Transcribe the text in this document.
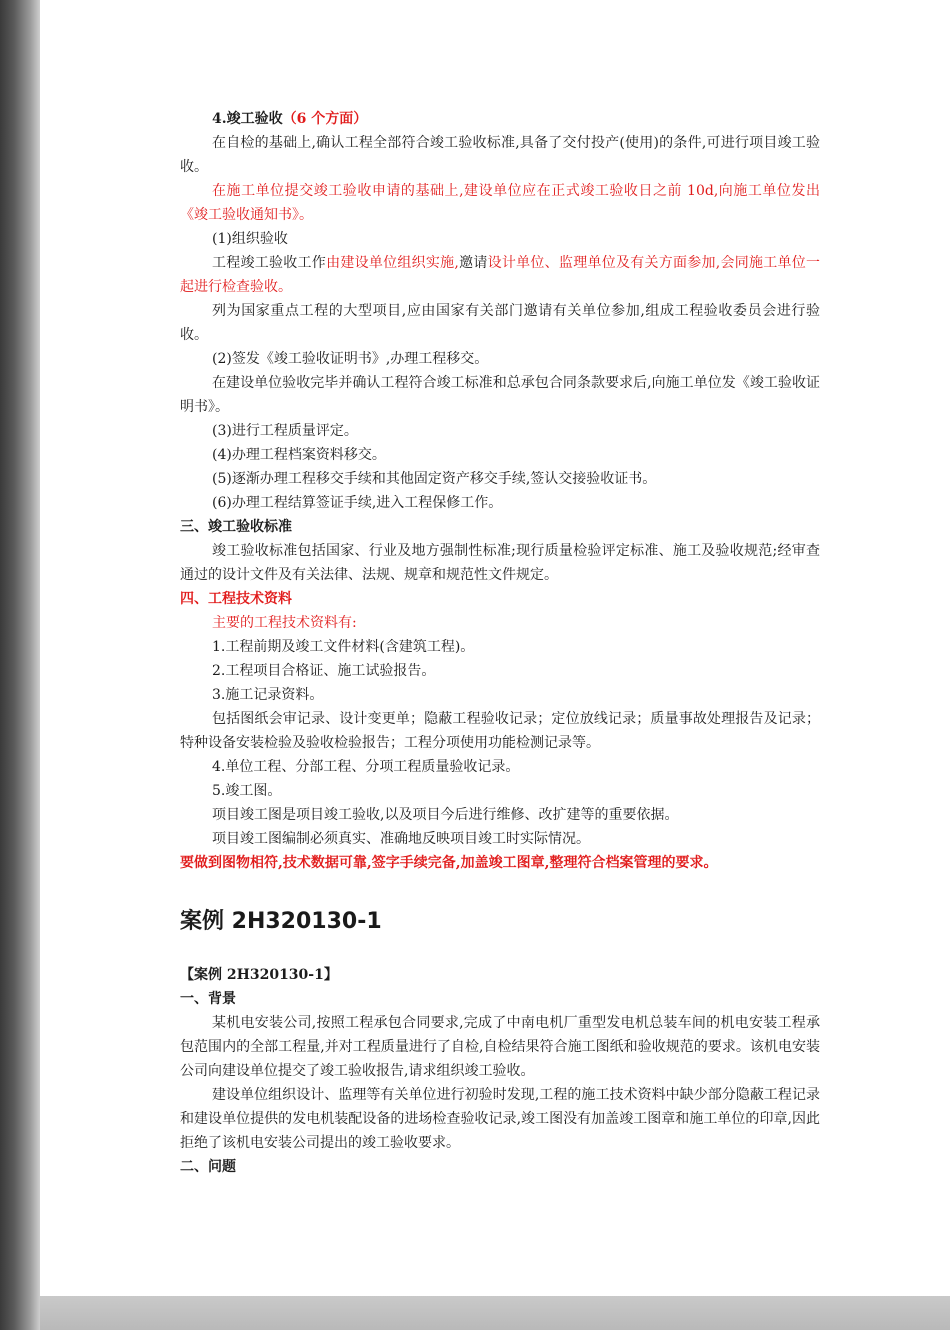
4.竣工验收（6 个方面）

在自检的基础上,确认工程全部符合竣工验收标准,具备了交付投产(使用)的条件,可进行项目竣工验收。

在施工单位提交竣工验收申请的基础上,建设单位应在正式竣工验收日之前 10d,向施工单位发出《竣工验收通知书》。

(1)组织验收

工程竣工验收工作由建设单位组织实施,邀请设计单位、监理单位及有关方面参加,会同施工单位一起进行检查验收。

列为国家重点工程的大型项目,应由国家有关部门邀请有关单位参加,组成工程验收委员会进行验收。

(2)签发《竣工验收证明书》,办理工程移交。

在建设单位验收完毕并确认工程符合竣工标准和总承包合同条款要求后,向施工单位发《竣工验收证明书》。

(3)进行工程质量评定。

(4)办理工程档案资料移交。

(5)逐渐办理工程移交手续和其他固定资产移交手续,签认交接验收证书。

(6)办理工程结算签证手续,进入工程保修工作。

三、竣工验收标准

竣工验收标准包括国家、行业及地方强制性标准;现行质量检验评定标准、施工及验收规范;经审查通过的设计文件及有关法律、法规、规章和规范性文件规定。

四、工程技术资料

主要的工程技术资料有:

1.工程前期及竣工文件材料(含建筑工程)。

2.工程项目合格证、施工试验报告。

3.施工记录资料。

包括图纸会审记录、设计变更单；隐蔽工程验收记录；定位放线记录；质量事故处理报告及记录；特种设备安装检验及验收检验报告；工程分项使用功能检测记录等。

4.单位工程、分部工程、分项工程质量验收记录。

5.竣工图。

项目竣工图是项目竣工验收,以及项目今后进行维修、改扩建等的重要依据。

项目竣工图编制必须真实、准确地反映项目竣工时实际情况。

要做到图物相符,技术数据可靠,签字手续完备,加盖竣工图章,整理符合档案管理的要求。

案例 2H320130-1

【案例 2H320130-1】

一、背景

某机电安装公司,按照工程承包合同要求,完成了中南电机厂重型发电机总装车间的机电安装工程承包范围内的全部工程量,并对工程质量进行了自检,自检结果符合施工图纸和验收规范的要求。该机电安装公司向建设单位提交了竣工验收报告,请求组织竣工验收。

建设单位组织设计、监理等有关单位进行初验时发现,工程的施工技术资料中缺少部分隐蔽工程记录和建设单位提供的发电机装配设备的进场检查验收记录,竣工图没有加盖竣工图章和施工单位的印章,因此拒绝了该机电安装公司提出的竣工验收要求。

二、问题
